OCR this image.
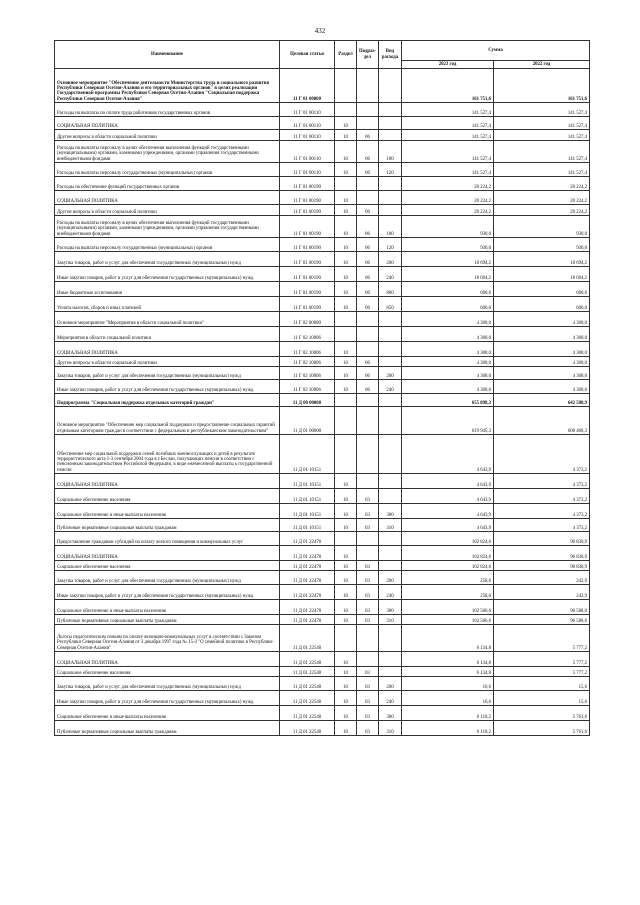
432
Наименование	Целевая статья	Раздел	Подраз-дел	Вид расхода	Сумма	
					2023 год	2022 год
Основное мероприятие "Обеспечение деятельности Министерства труда и социального развития Республики Северная Осетия-Алания и его территориальных органов" в целях реализации Государственной программы Республики Северная Осетия-Алания "Социальная поддержка Республики Северная Осетия-Алания"	11 Г 01 00000				161 751,6	161 751,6
Расходы на выплаты по оплате труда работников государственных органов	11 Г 01 00110				141 527,4	141 527,4
СОЦИАЛЬНАЯ ПОЛИТИКА	11 Г 01 00110	10			141 527,4	141 527,4
Другие вопросы в области социальной политики	11 Г 01 00110	10	06		141 527,4	141 527,4
Расходы на выплаты персоналу в целях обеспечения выполнения функций государственными (муниципальными) органами, казенными учреждениями, органами управления государственными внебюджетными фондами	11 Г 01 00110	10	06	100	141 527,4	141 527,4
Расходы на выплаты персоналу государственных (муниципальных) органов	11 Г 01 00110	10	06	120	141 527,4	141 527,4
Расходы на обеспечение функций государственных органов	11 Г 01 00190				20 224,2	20 224,2
СОЦИАЛЬНАЯ ПОЛИТИКА	11 Г 01 00190	10			20 224,2	20 224,2
Другие вопросы в области социальной политики	11 Г 01 00190	10	06		20 224,2	20 224,2
Расходы на выплаты персоналу в целях обеспечения выполнения функций государственными (муниципальными) органами, казенными учреждениями, органами управления государственными внебюджетными фондами	11 Г 01 00190	10	06	100	930,0	930,0
Расходы на выплаты персоналу государственных (муниципальных) органов	11 Г 01 00190	10	06	120	930,0	930,0
Закупка товаров, работ и услуг для обеспечения государственных (муниципальных) нужд	11 Г 01 00190	10	06	200	18 694,2	18 694,2
Иные закупки товаров, работ и услуг для обеспечения государственных (муниципальных) нужд	11 Г 01 00190	10	06	240	18 694,2	18 694,2
Иные бюджетные ассигнования	11 Г 01 00190	10	06	800	600,0	600,0
Уплата налогов, сборов и иных платежей	11 Г 01 00190	10	06	850	600,0	600,0
Основное мероприятие "Мероприятия в области социальной политики"	11 Г 02 00000				4 300,0	4 300,0
Мероприятия в области социальной политики	11 Г 02 10006				4 300,0	4 300,0
СОЦИАЛЬНАЯ ПОЛИТИКА	11 Г 02 10006	10			4 300,0	4 300,0
Другие вопросы в области социальной политики	11 Г 02 10006	10	06		4 300,0	4 300,0
Закупка товаров, работ и услуг для обеспечения государственных (муниципальных) нужд	11 Г 02 10006	10	06	200	4 300,0	4 300,0
Иные закупки товаров, работ и услуг для обеспечения государственных (муниципальных) нужд	11 Г 02 10006	10	06	240	4 300,0	4 300,0
Подпрограмма "Социальная поддержка отдельных категорий граждан"	11 Д 00 00000				655 098,3	642 508,9
Основное мероприятие "Обеспечение мер социальной поддержки и предоставление социальных гарантий отдельным категориям граждан в соответствии с федеральным и республиканским законодательством"	11 Д 01 00000				619 945,3	608 468,3
Обеспечение мер социальной поддержки семей погибших военнослужащих и детей в результате террористического акта 1-3 сентября 2004 года в г.Беслан, получающих пенсии в соответствии с пенсионным законодательством Российской Федерации, в виде ежемесячной выплаты к государственной пенсии	11 Д 01 10151				4 643,9	4 373,2
СОЦИАЛЬНАЯ ПОЛИТИКА	11 Д 01 10151	10			4 643,9	4 373,2
Социальное обеспечение населения	11 Д 01 10151	10	03		4 643,9	4 373,2
Социальное обеспечение и иные выплаты населению	11 Д 01 10151	10	03	300	4 643,9	4 373,2
Публичные нормативные социальные выплаты гражданам	11 Д 01 10151	10	03	310	4 643,9	4 373,2
Предоставление гражданам субсидий на оплату жилого помещения и коммунальных услуг	11 Д 01 22470				102 824,6	96 830,9
СОЦИАЛЬНАЯ ПОЛИТИКА	11 Д 01 22470	10			102 824,6	96 830,9
Социальное обеспечение населения	11 Д 01 22470	10	03		102 824,6	96 830,9
Закупка товаров, работ и услуг для обеспечения государственных (муниципальных) нужд	11 Д 01 22470	10	03	200	258,0	242,9
Иные закупки товаров, работ и услуг для обеспечения государственных (муниципальных) нужд	11 Д 01 22470	10	03	240	258,0	242,9
Социальное обеспечение и иные выплаты населению	11 Д 01 22470	10	03	300	102 566,6	96 588,0
Публичные нормативные социальные выплаты гражданам	11 Д 01 22470	10	03	310	102 566,6	96 588,0
Льготы педагогическим семьям по оплате жилищно-коммунальных услуг в соответствии с Законом Республики Северная Осетия-Алания от 3 декабря 1997 года № 15-З "О семейной политике в Республике Северная Осетия-Алания"	11 Д 01 22540				6 134,8	5 777,2
СОЦИАЛЬНАЯ ПОЛИТИКА	11 Д 01 22540	10			6 134,8	5 777,2
Социальное обеспечение населения	11 Д 01 22540	10	03		6 134,8	5 777,2
Закупка товаров, работ и услуг для обеспечения государственных (муниципальных) нужд	11 Д 01 22540	10	03	200	16,6	15,6
Иные закупки товаров, работ и услуг для обеспечения государственных (муниципальных) нужд	11 Д 01 22540	10	03	240	16,6	15,6
Социальное обеспечение и иные выплаты населению	11 Д 01 22540	10	03	300	6 118,2	5 761,6
Публичные нормативные социальные выплаты гражданам	11 Д 01 22540	10	03	310	6 118,2	5 761,6
